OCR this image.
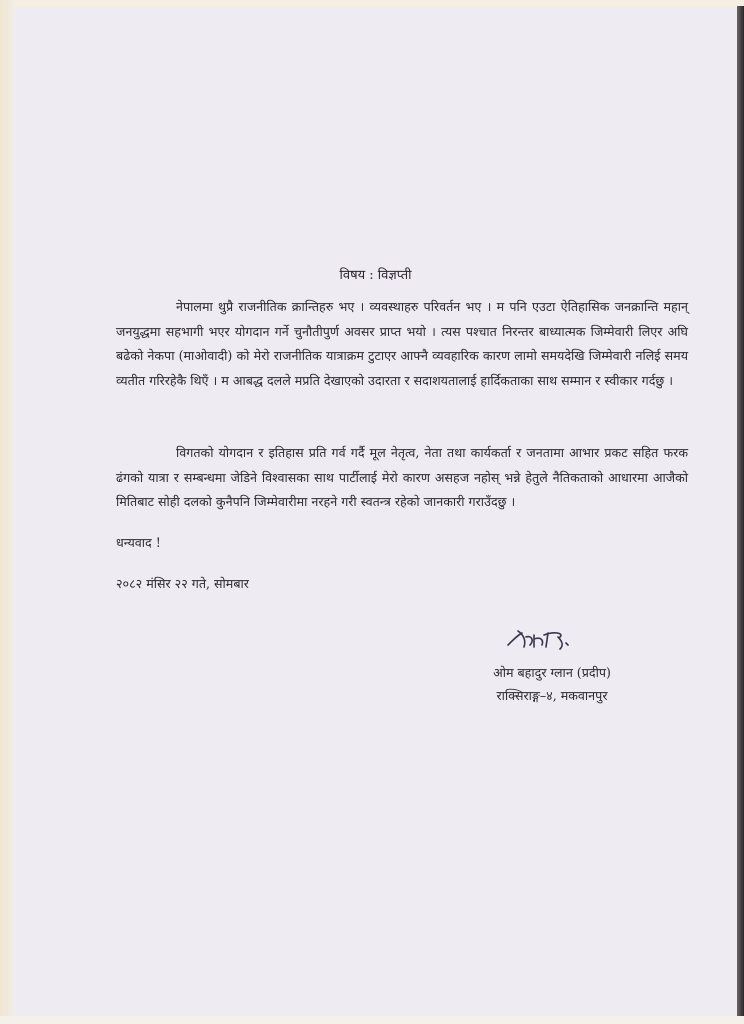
विषय : विज्ञप्ती

नेपालमा थुप्रै राजनीतिक क्रान्तिहरु भए । व्यवस्थाहरु परिवर्तन भए । म पनि एउटा ऐतिहासिक जनक्रान्ति महान् जनयुद्धमा सहभागी भएर योगदान गर्ने चुनौतीपुर्ण अवसर प्राप्त भयो । त्यस पश्चात निरन्तर बाध्यात्मक जिम्मेवारी लिएर अघि बढेको नेकपा (माओवादी) को मेरो राजनीतिक यात्राक्रम टुटाएर आफ्नै व्यवहारिक कारण लामो समयदेखि जिम्मेवारी नलिई समय व्यतीत गरिरहेकै थिएँ । म आबद्ध दलले मप्रति देखाएको उदारता र सदाशयतालाई हार्दिकताका साथ सम्मान र स्वीकार गर्दछु ।

विगतको योगदान र इतिहास प्रति गर्व गर्दै मूल नेतृत्व, नेता तथा कार्यकर्ता र जनतामा आभार प्रकट सहित फरक ढंगको यात्रा र सम्बन्धमा जेडिने विश्वासका साथ पार्टीलाई मेरो कारण असहज नहोस् भन्ने हेतुले नैतिकताको आधारमा आजैको मितिबाट सोही दलको कुनैपनि जिम्मेवारीमा नरहने गरी स्वतन्त्र रहेको जानकारी गराउँदछु ।

धन्यवाद !
२०८२ मंसिर २२ गते, सोमबार
ओम बहादुर ग्लान (प्रदीप)
राक्सिराङ्ग–४, मकवानपुर
